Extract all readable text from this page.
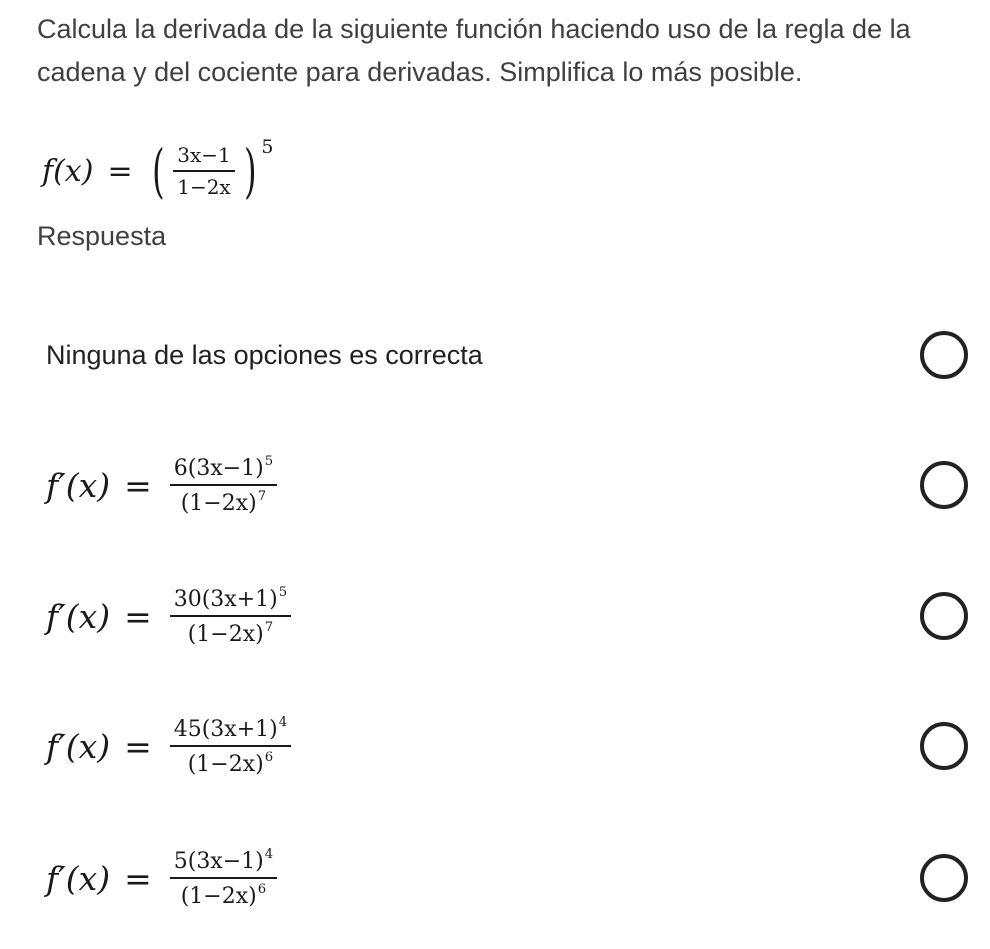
Calcula la derivada de la siguiente función haciendo uso de la regla de la cadena y del cociente para derivadas. Simplifica lo más posible.

f(x) = ( $\frac{3x-1}{1-2x}$ ) 5
Respuesta
Ninguna de las opciones es correcta
$f'(x) = \frac{6(3x-1)^5}{(1-2x)^7}$
$f'(x) = \frac{30(3x+1)^5}{(1-2x)^7}$
$f'(x) = \frac{45(3x+1)^4}{(1-2x)^6}$
$f'(x) = \frac{5(3x-1)^4}{(1-2x)^6}$
